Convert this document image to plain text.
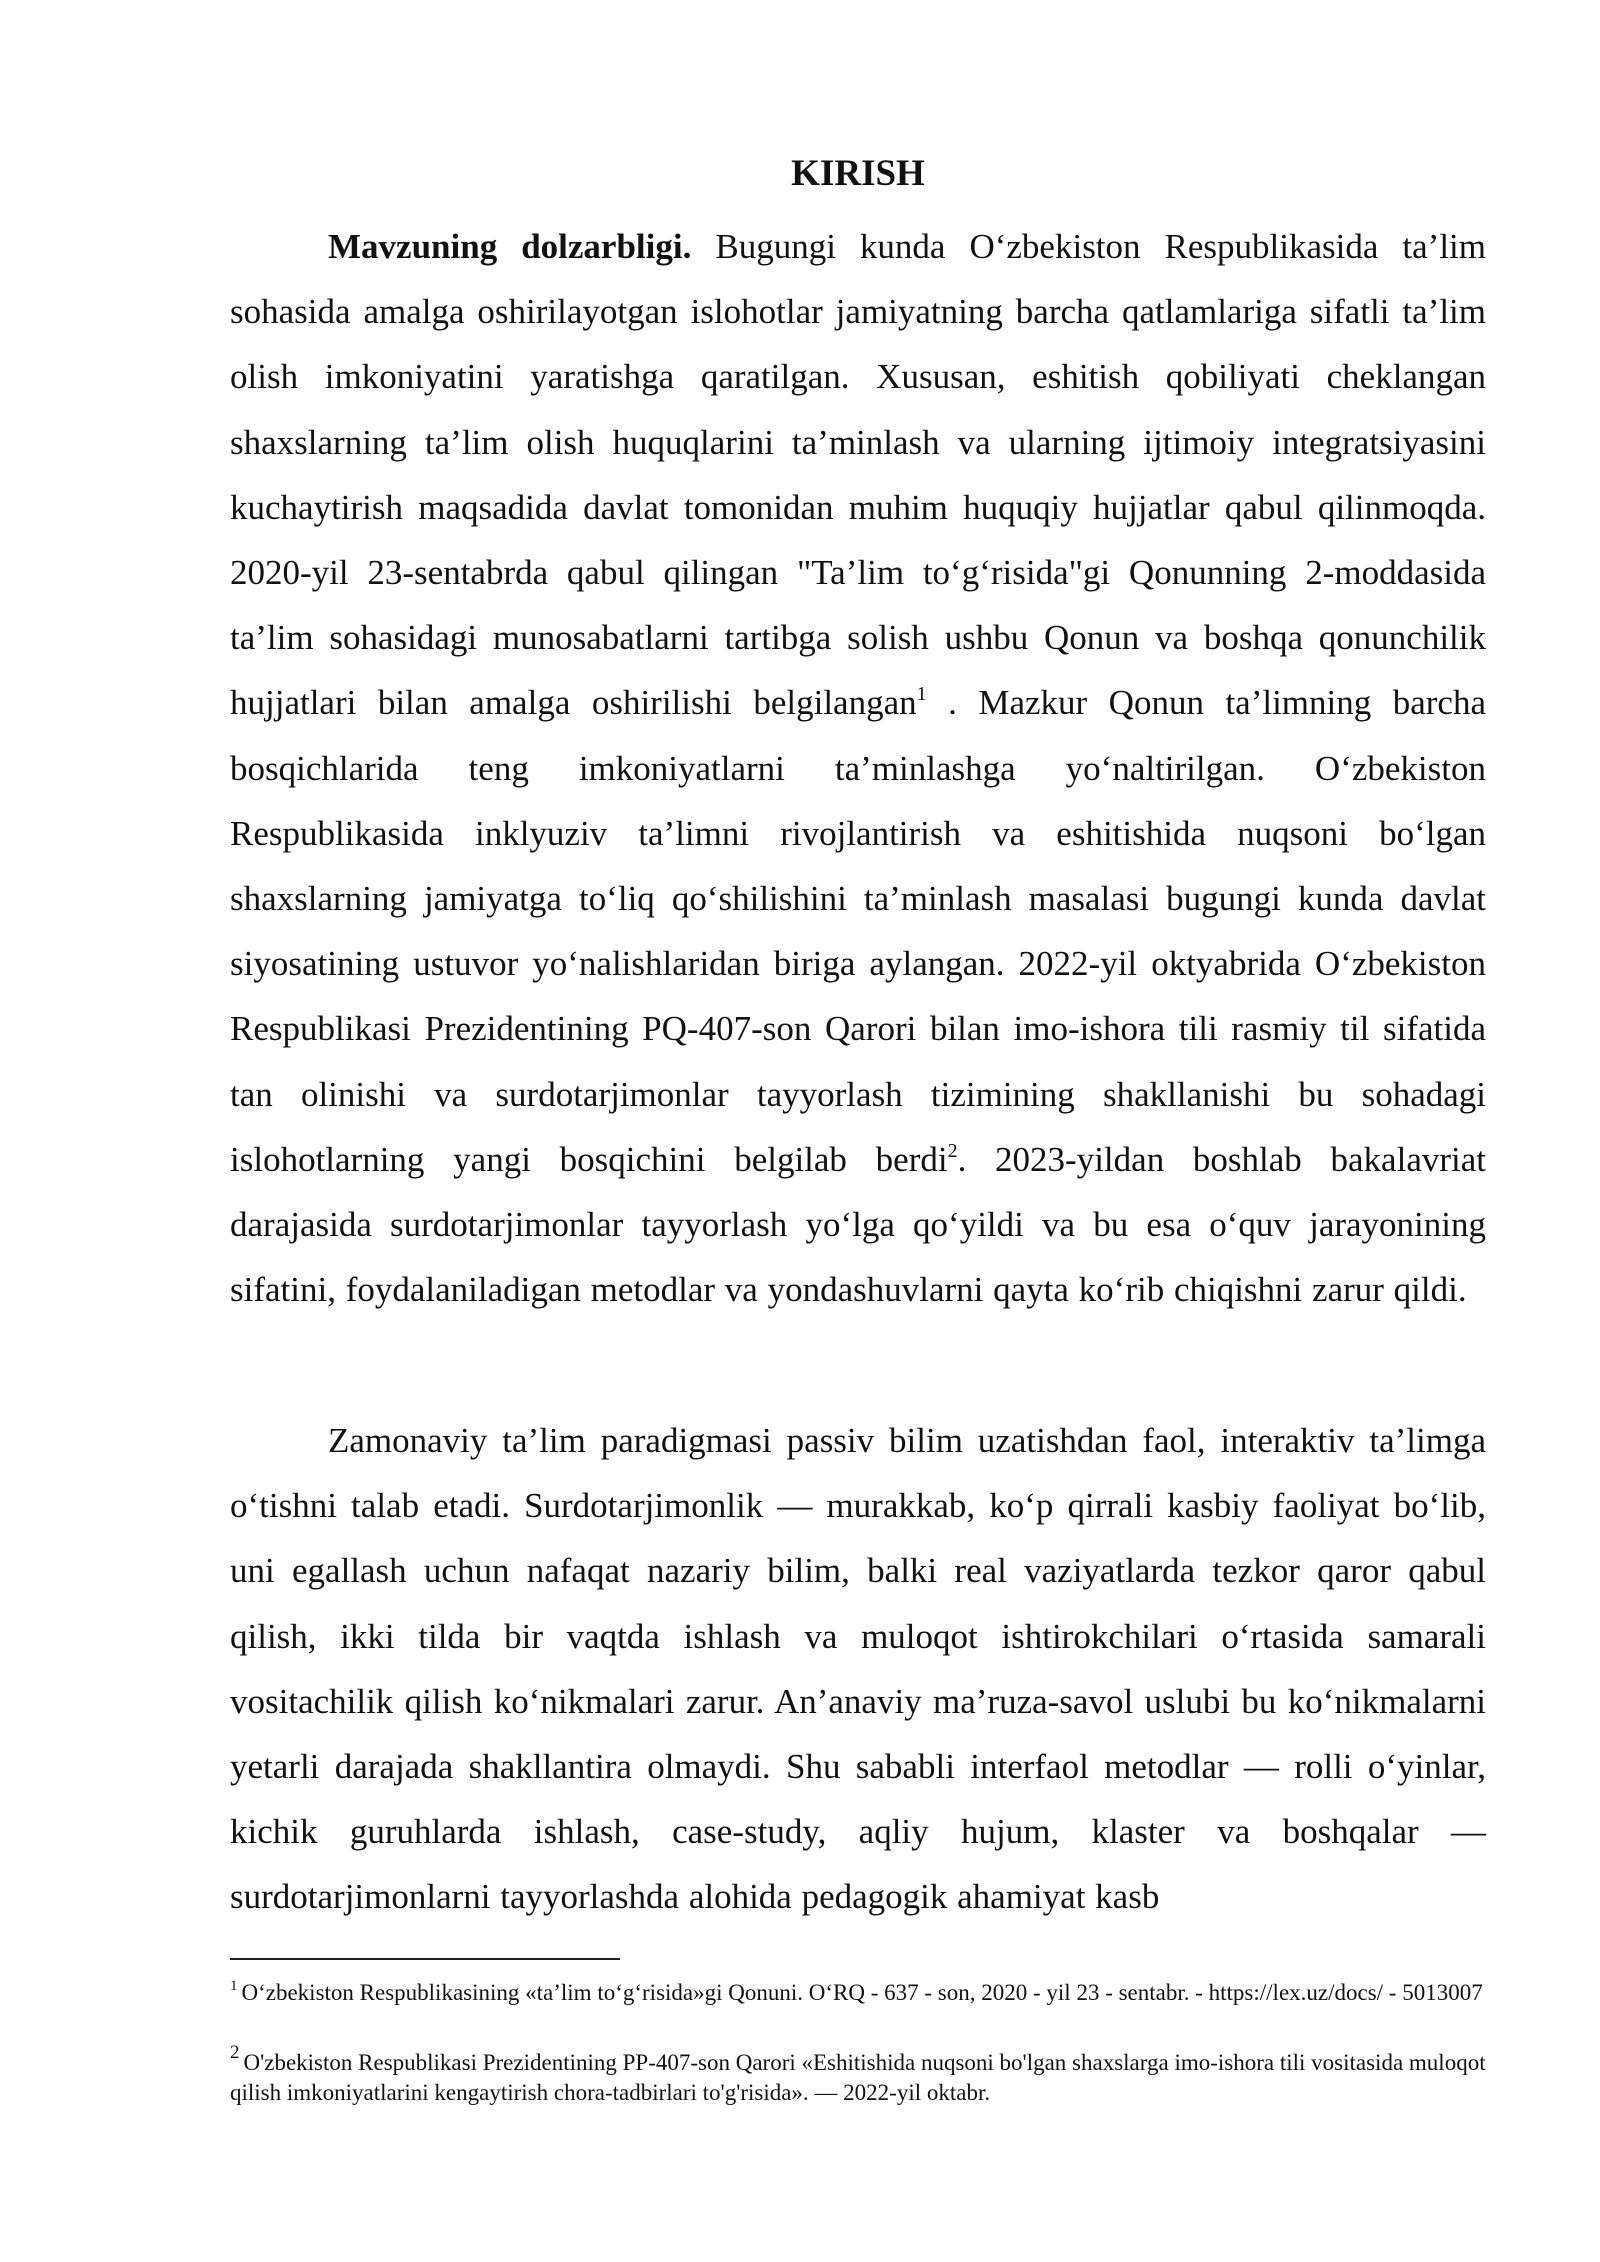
KIRISH

Mavzuning dolzarbligi. Bugungi kunda O‘zbekiston Respublikasida ta’lim sohasida amalga oshirilayotgan islohotlar jamiyatning barcha qatlamlariga sifatli ta’lim olish imkoniyatini yaratishga qaratilgan. Xususan, eshitish qobiliyati cheklangan shaxslarning ta’lim olish huquqlarini ta’minlash va ularning ijtimoiy integratsiyasini kuchaytirish maqsadida davlat tomonidan muhim huquqiy hujjatlar qabul qilinmoqda. 2020-yil 23-sentabrda qabul qilingan "Ta’lim to‘g‘risida"gi Qonunning 2-moddasida ta’lim sohasidagi munosabatlarni tartibga solish ushbu Qonun va boshqa qonunchilik hujjatlari bilan amalga oshirilishi belgilangan$^1$ . Mazkur Qonun ta’limning barcha bosqichlarida teng imkoniyatlarni ta’minlashga yo‘naltirilgan. O‘zbekiston Respublikasida inklyuziv ta’limni rivojlantirish va eshitishida nuqsoni bo‘lgan shaxslarning jamiyatga to‘liq qo‘shilishini ta’minlash masalasi bugungi kunda davlat siyosatining ustuvor yo‘nalishlaridan biriga aylangan. 2022-yil oktyabrida O‘zbekiston Respublikasi Prezidentining PQ-407-son Qarori bilan imo-ishora tili rasmiy til sifatida tan olinishi va surdotarjimonlar tayyorlash tizimining shakllanishi bu sohadagi islohotlarning yangi bosqichini belgilab berdi$^2$. 2023-yildan boshlab bakalavriat darajasida surdotarjimonlar tayyorlash yo‘lga qo‘yildi va bu esa o‘quv jarayonining sifatini, foydalaniladigan metodlar va yondashuvlarni qayta ko‘rib chiqishni zarur qildi.

Zamonaviy ta’lim paradigmasi passiv bilim uzatishdan faol, interaktiv ta’limga o‘tishni talab etadi. Surdotarjimonlik — murakkab, ko‘p qirrali kasbiy faoliyat bo‘lib, uni egallash uchun nafaqat nazariy bilim, balki real vaziyatlarda tezkor qaror qabul qilish, ikki tilda bir vaqtda ishlash va muloqot ishtirokchilari o‘rtasida samarali vositachilik qilish ko‘nikmalari zarur. An’anaviy ma’ruza-savol uslubi bu ko‘nikmalarni yetarli darajada shakllantira olmaydi. Shu sababli interfaol metodlar — rolli o‘yinlar, kichik guruhlarda ishlash, case-study, aqliy hujum, klaster va boshqalar — surdotarjimonlarni tayyorlashda alohida pedagogik ahamiyat kasb

$^1$ O‘zbekiston Respublikasining «ta’lim to‘g‘risida»gi Qonuni. O‘RQ - 637 - son, 2020 - yil 23 - sentabr. - https://lex.uz/docs/ - 5013007

$^2$ O'zbekiston Respublikasi Prezidentining PP-407-son Qarori «Eshitishida nuqsoni bo'lgan shaxslarga imo-ishora tili vositasida muloqot qilish imkoniyatlarini kengaytirish chora-tadbirlari to'g'risida». — 2022-yil oktabr.
